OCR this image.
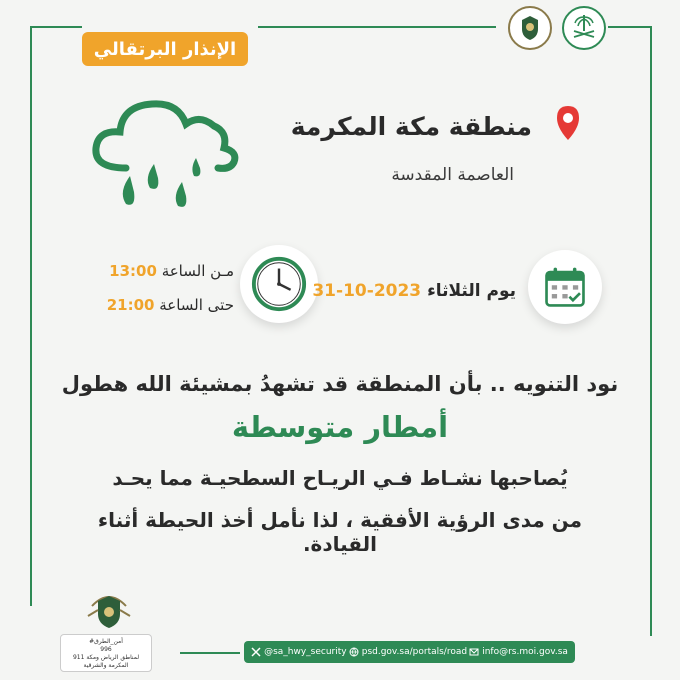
الإنذار البرتقالي
منطقة مكة المكرمة
العاصمة المقدسة
مـن الساعة 13:00
حتى الساعة 21:00
يوم الثلاثاء 2023-10-31
نود التنويه .. بأن المنطقة قد تشهدُ بمشيئة الله هطول
أمطار متوسطة
يُصاحبها نشـاط فـي الريـاح السطحيـة مما يحـد
من مدى الرؤية الأفقية ، لذا نأمل أخذ الحيطة أثناء القيادة.
#أمن_الطرق
996
911 لمناطق الرياض ومكة
المكرمة والشرقية
@sa_hwy_security psd.gov.sa/portals/road info@rs.moi.gov.sa
